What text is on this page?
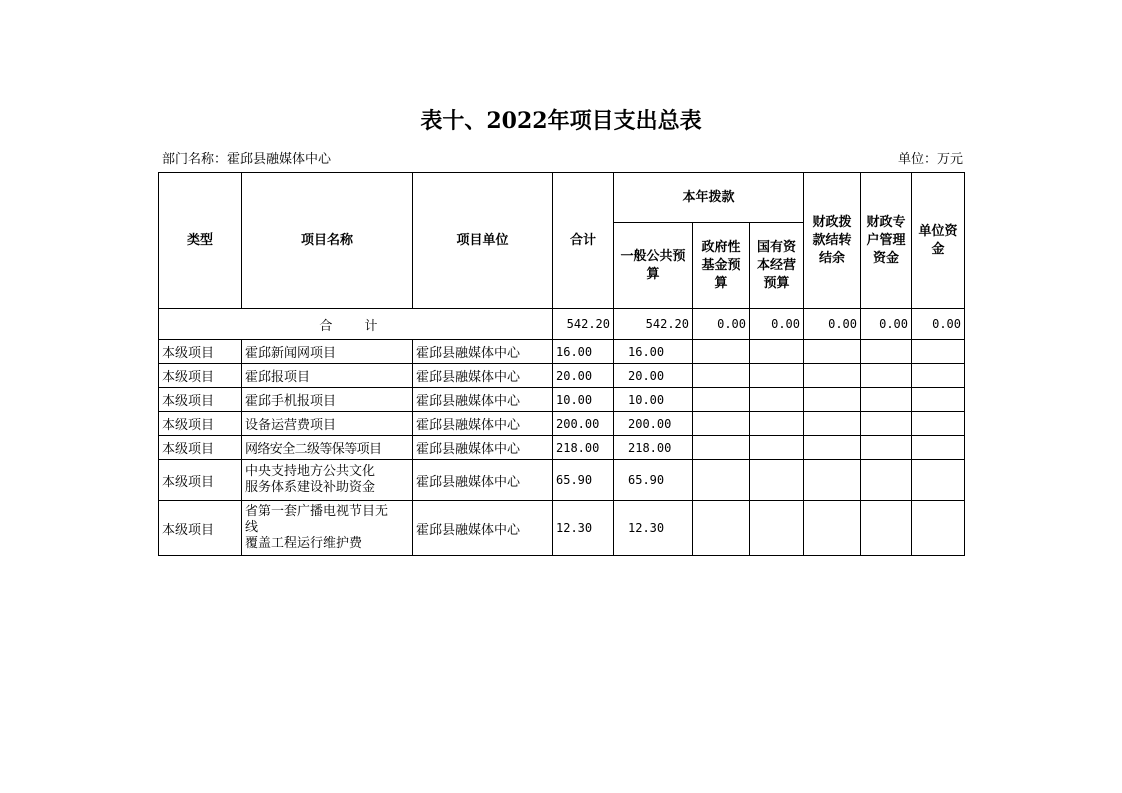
表十、2022年项目支出总表
部门名称：霍邱县融媒体中心	单位：万元
类型	项目名称	项目单位	合计	本年拨款			财政拨款结转结余	财政专户管理资金	单位资金
				一般公共预算	政府性基金预算	国有资本经营预算			
合 计			542.20	542.20	0.00	0.00	0.00	0.00	0.00
本级项目	霍邱新闻网项目	霍邱县融媒体中心	16.00	16.00					
本级项目	霍邱报项目	霍邱县融媒体中心	20.00	20.00					
本级项目	霍邱手机报项目	霍邱县融媒体中心	10.00	10.00					
本级项目	设备运营费项目	霍邱县融媒体中心	200.00	200.00					
本级项目	网络安全二级等保等项目	霍邱县融媒体中心	218.00	218.00					
本级项目	中央支持地方公共文化
服务体系建设补助资金	霍邱县融媒体中心	65.90	65.90					
本级项目	省第一套广播电视节目无
线
覆盖工程运行维护费	霍邱县融媒体中心	12.30	12.30					
